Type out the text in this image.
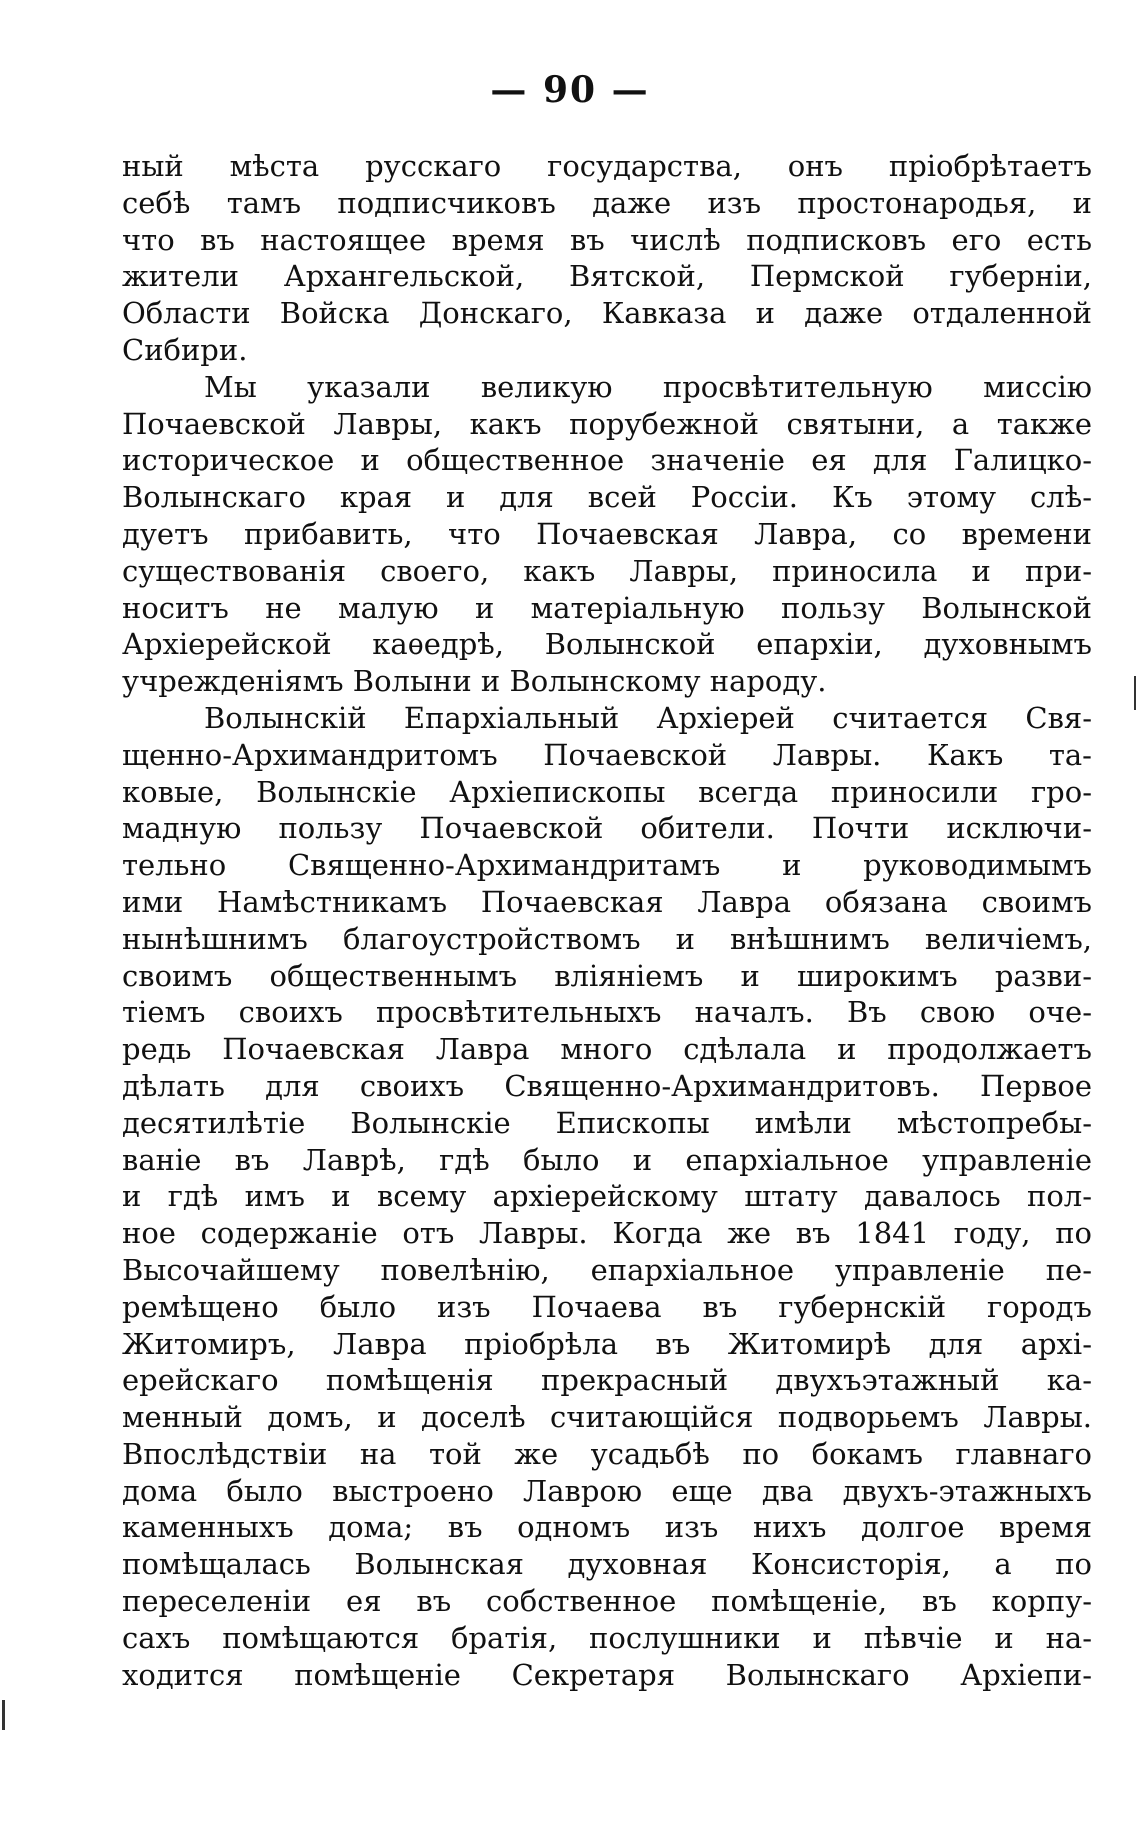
— 90 —
ный мѣста русскаго государства, онъ пріобрѣтаетъ
себѣ тамъ подписчиковъ даже изъ простонародья, и
что въ настоящее время въ числѣ подписковъ его есть
жители Архангельской, Вятской, Пермской губерніи,
Области Войска Донскаго, Кавказа и даже отдаленной
Сибири.
Мы указали великую просвѣтительную миссію
Почаевской Лавры, какъ порубежной святыни, а также
историческое и общественное значеніе ея для Галицко-
Волынскаго края и для всей Россіи. Къ этому слѣ-
дуетъ прибавить, что Почаевская Лавра, со времени
существованія своего, какъ Лавры, приносила и при-
носитъ не малую и матеріальную пользу Волынской
Архіерейской каѳедрѣ, Волынской епархіи, духовнымъ
учрежденіямъ Волыни и Волынскому народу.
Волынскій Епархіальный Архіерей считается Свя-
щенно-Архимандритомъ Почаевской Лавры. Какъ та-
ковые, Волынскіе Архіепископы всегда приносили гро-
мадную пользу Почаевской обители. Почти исключи-
тельно Священно-Архимандритамъ и руководимымъ
ими Намѣстникамъ Почаевская Лавра обязана своимъ
нынѣшнимъ благоустройствомъ и внѣшнимъ величіемъ,
своимъ общественнымъ вліяніемъ и широкимъ разви-
тіемъ своихъ просвѣтительныхъ началъ. Въ свою оче-
редь Почаевская Лавра много сдѣлала и продолжаетъ
дѣлать для своихъ Священно-Архимандритовъ. Первое
десятилѣтіе Волынскіе Епископы имѣли мѣстопребы-
ваніе въ Лаврѣ, гдѣ было и епархіальное управленіе
и гдѣ имъ и всему архіерейскому штату давалось пол-
ное содержаніе отъ Лавры. Когда же въ 1841 году, по
Высочайшему повелѣнію, епархіальное управленіе пе-
ремѣщено было изъ Почаева въ губернскій городъ
Житомиръ, Лавра пріобрѣла въ Житомирѣ для архі-
ерейскаго помѣщенія прекрасный двухъэтажный ка-
менный домъ, и доселѣ считающійся подворьемъ Лавры.
Впослѣдствіи на той же усадьбѣ по бокамъ главнаго
дома было выстроено Лаврою еще два двухъ-этажныхъ
каменныхъ дома; въ одномъ изъ нихъ долгое время
помѣщалась Волынская духовная Консисторія, а по
переселеніи ея въ собственное помѣщеніе, въ корпу-
сахъ помѣщаются братія, послушники и пѣвчіе и на-
ходится помѣщеніе Секретаря Волынскаго Архіепи-
